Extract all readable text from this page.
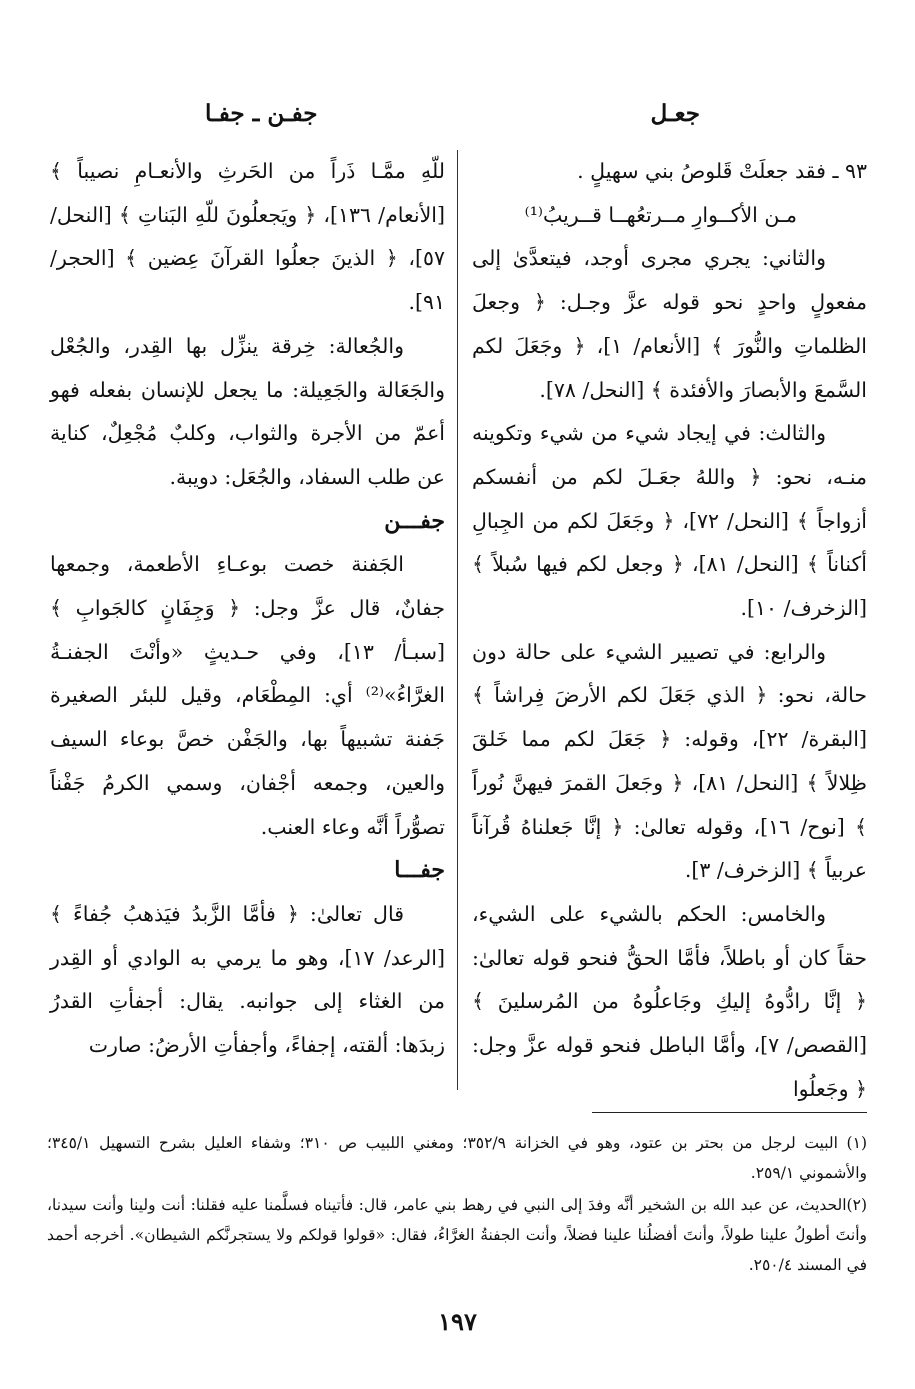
جعـل
جفـن ـ جفـا

٩٣ ـ فقد جعلَتْ قَلوصُ بني سهيلٍ .

مـن الأكــوارِ مــرتعُهــا قــريبُ⁽¹⁾

والثاني: يجري مجرى أوجد، فيتعدَّىٰ إلى مفعولٍ واحدٍ نحو قوله عزَّ وجـل: ﴿ وجعلَ الظلماتِ والنُّورَ ﴾ [الأنعام/ ١]، ﴿ وجَعَلَ لكم السَّمعَ والأبصارَ والأفئدة ﴾ [النحل/ ٧٨].

والثالث: في إيجاد شيء من شيء وتكوينه منـه، نحو: ﴿ واللهُ جعَـلَ لكم من أنفسكم أزواجاً ﴾ [النحل/ ٧٢]، ﴿ وجَعَلَ لكم من الجِبالِ أكناناً ﴾ [النحل/ ٨١]، ﴿ وجعل لكم فيها سُبلاً ﴾ [الزخرف/ ١٠].

والرابع: في تصيير الشيء على حالة دون حالة، نحو: ﴿ الذي جَعَلَ لكم الأرضَ فِراشاً ﴾ [البقرة/ ٢٢]، وقوله: ﴿ جَعَلَ لكم مما خَلقَ ظِلالاً ﴾ [النحل/ ٨١]، ﴿ وجَعلَ القمرَ فيهنَّ نُوراً ﴾ [نوح/ ١٦]، وقوله تعالىٰ: ﴿ إنَّا جَعلناهُ قُرآناً عربياً ﴾ [الزخرف/ ٣].

والخامس: الحكم بالشيء على الشيء، حقاً كان أو باطلاً، فأمَّا الحقُّ فنحو قوله تعالىٰ: ﴿ إنَّا رادُّوهُ إليكِ وجَاعلُوهُ من المُرسلينَ ﴾ [القصص/ ٧]، وأمَّا الباطل فنحو قوله عزَّ وجل: ﴿ وجَعلُوا

للّهِ ممَّـا ذَراً من الحَرثِ والأنعـامِ نصيباً ﴾ [الأنعام/ ١٣٦]، ﴿ ويَجعلُونَ للّهِ البَناتِ ﴾ [النحل/ ٥٧]، ﴿ الذينَ جعلُوا القرآنَ عِضين ﴾ [الحجر/ ٩١].

والجُعالة: خِرقة ينزِّل بها القِدر، والجُعْل والجَعَالة والجَعِيلة: ما يجعل للإنسان بفعله فهو أعمّ من الأجرة والثواب، وكلبٌ مُجْعِلٌ، كناية عن طلب السفاد، والجُعَل: دويبة.

جفـــن

الجَفنة خصت بوعـاءِ الأطعمة، وجمعها جفانٌ، قال عزَّ وجل: ﴿ وَجِفَانٍ كالجَوابِ ﴾ [سبـأ/ ١٣]، وفي حـديثٍ «وأنْتَ الجفنـةُ الغرَّاءُ»⁽²⁾ أي: المِطْعَام، وقيل للبئر الصغيرة جَفنة تشبيهاً بها، والجَفْن خصَّ بوعاء السيف والعين، وجمعه أجْفان، وسمي الكرمُ جَفْناً تصوُّراً أنَّه وعاء العنب.

جفـــا

قال تعالىٰ: ﴿ فأمَّا الزَّبدُ فيَذهبُ جُفاءً ﴾ [الرعد/ ١٧]، وهو ما يرمي به الوادي أو القِدر من الغثاء إلى جوانبه. يقال: أجفأتِ القدرُ زبدَها: ألقته، إجفاءً، وأجفأتِ الأرضُ: صارت

(١) البيت لرجل من بحتر بن عتود، وهو في الخزانة ٣٥٢/٩؛ ومغني اللبيب ص ٣١٠؛ وشفاء العليل بشرح التسهيل ٣٤٥/١؛ والأشموني ٢٥٩/١.

(٢)الحديث، عن عبد الله بن الشخير أنَّه وفدَ إلى النبي في رهط بني عامر، قال: فأتيناه فسلَّمنا عليه فقلنا: أنت ولينا وأنت سيدنا، وأنتَ أطولُ علينا طولاً، وأنتَ أفضلُنا علينا فضلاً، وأنت الجفنةُ الغرَّاءُ، فقال: «قولوا قولكم ولا يستجرنَّكم الشيطان». أخرجه أحمد في المسند ٢٥٠/٤.

١٩٧
